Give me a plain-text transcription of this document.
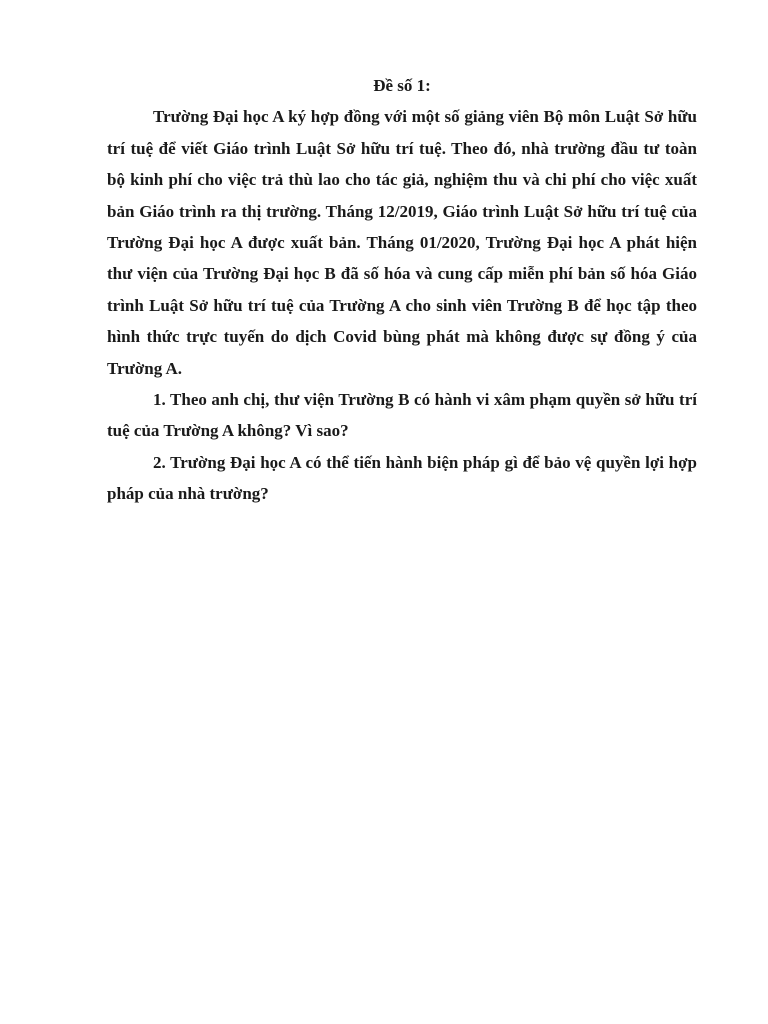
Đề số 1:

Trường Đại học A ký hợp đồng với một số giảng viên Bộ môn Luật Sở hữu trí tuệ để viết Giáo trình Luật Sở hữu trí tuệ. Theo đó, nhà trường đầu tư toàn bộ kinh phí cho việc trả thù lao cho tác giả, nghiệm thu và chi phí cho việc xuất bản Giáo trình ra thị trường. Tháng 12/2019, Giáo trình Luật Sở hữu trí tuệ của Trường Đại học A được xuất bản. Tháng 01/2020, Trường Đại học A phát hiện thư viện của Trường Đại học B đã số hóa và cung cấp miễn phí bản số hóa Giáo trình Luật Sở hữu trí tuệ của Trường A cho sinh viên Trường B để học tập theo hình thức trực tuyến do dịch Covid bùng phát mà không được sự đồng ý của Trường A.

1. Theo anh chị, thư viện Trường B có hành vi xâm phạm quyền sở hữu trí tuệ của Trường A không? Vì sao?

2. Trường Đại học A có thể tiến hành biện pháp gì để bảo vệ quyền lợi hợp pháp của nhà trường?
